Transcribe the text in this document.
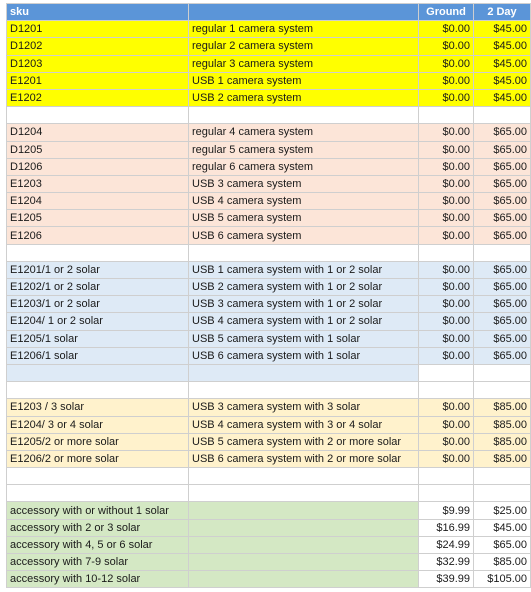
sku		Ground	2 Day
D1201	regular 1 camera system	$0.00	$45.00
D1202	regular 2 camera system	$0.00	$45.00
D1203	regular 3 camera system	$0.00	$45.00
E1201	USB 1 camera system	$0.00	$45.00
E1202	USB 2 camera system	$0.00	$45.00

D1204	regular 4 camera system	$0.00	$65.00
D1205	regular 5 camera system	$0.00	$65.00
D1206	regular 6 camera system	$0.00	$65.00
E1203	USB 3 camera system	$0.00	$65.00
E1204	USB 4 camera system	$0.00	$65.00
E1205	USB 5 camera system	$0.00	$65.00
E1206	USB 6 camera system	$0.00	$65.00

E1201/1 or 2 solar	USB 1 camera system with 1 or 2 solar	$0.00	$65.00
E1202/1 or 2 solar	USB 2 camera system with 1 or 2 solar	$0.00	$65.00
E1203/1 or 2 solar	USB 3 camera system with 1 or 2 solar	$0.00	$65.00
E1204/ 1 or 2 solar	USB 4 camera system with 1 or 2 solar	$0.00	$65.00
E1205/1 solar	USB 5 camera system with 1 solar	$0.00	$65.00
E1206/1 solar	USB 6 camera system with 1 solar	$0.00	$65.00

E1203 / 3 solar	USB 3 camera system with 3 solar	$0.00	$85.00
E1204/ 3 or 4 solar	USB 4 camera system with 3 or 4 solar	$0.00	$85.00
E1205/2 or more solar	USB 5 camera system with 2 or more solar	$0.00	$85.00
E1206/2 or more solar	USB 6 camera system with 2 or more solar	$0.00	$85.00

accessory with or without 1 solar		$9.99	$25.00
accessory with 2 or 3 solar		$16.99	$45.00
accessory with 4, 5 or 6 solar		$24.99	$65.00
accessory with 7-9 solar		$32.99	$85.00
accessory with 10-12 solar		$39.99	$105.00
